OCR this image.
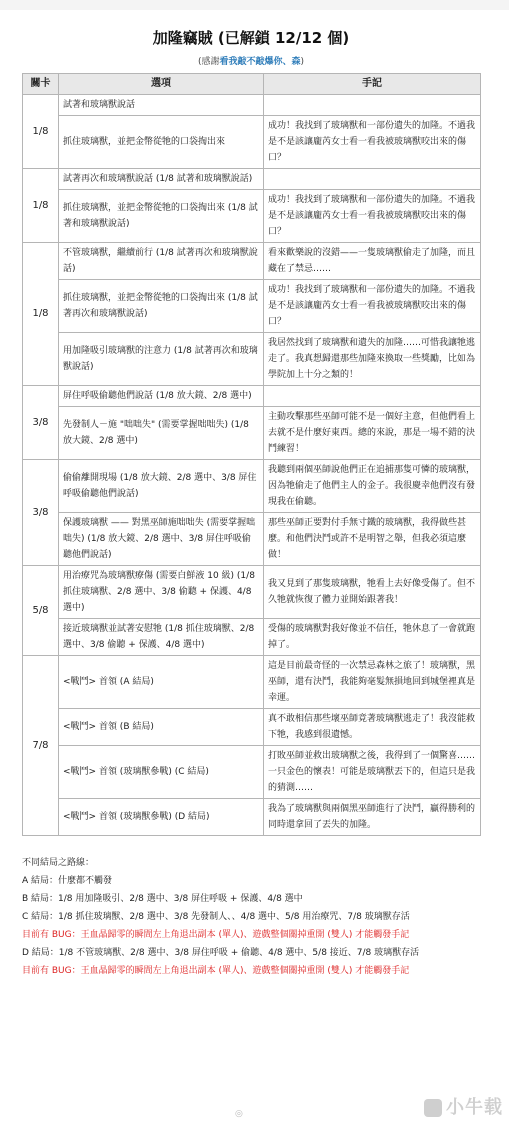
加隆竊賊 (已解鎖 12/12 個)
(感謝看我敲不敲爆你、森)
關卡	選項	手記
1/8	試著和玻璃獸說話	
	抓住玻璃獸，並把金幣從牠的口袋掏出來	成功！我找到了玻璃獸和一部份遺失的加隆。不過我是不是該讓龐芮女士看一看我被玻璃獸咬出來的傷口？
1/8	試著再次和玻璃獸說話 (1/8 試著和玻璃獸說話)	
	抓住玻璃獸，並把金幣從牠的口袋掏出來 (1/8 試著和玻璃獸說話)	成功！我找到了玻璃獸和一部份遺失的加隆。不過我是不是該讓龐芮女士看一看我被玻璃獸咬出來的傷口？
1/8	不管玻璃獸，繼續前行 (1/8 試著再次和玻璃獸說話)	看來歡樂說的沒錯——一隻玻璃獸偷走了加隆，而且藏在了禁忌……
	抓住玻璃獸，並把金幣從牠的口袋掏出來 (1/8 試著再次和玻璃獸說話)	成功！我找到了玻璃獸和一部份遺失的加隆。不過我是不是該讓龐芮女士看一看我被玻璃獸咬出來的傷口？
	用加隆吸引玻璃獸的注意力 (1/8 試著再次和玻璃獸說話)	我居然找到了玻璃獸和遺失的加隆……可惜我讓牠逃走了。我真想歸還那些加隆來換取一些獎勵，比如為學院加上十分之類的！
3/8	屏住呼吸偷聽他們說話 (1/8 放大鏡、2/8 選中)	
	先發制人－施 "咄咄失" (需要掌握咄咄失) (1/8 放大鏡、2/8 選中)	主動攻擊那些巫師可能不是一個好主意，但他們看上去就不是什麼好東西。總的來說，那是一場不錯的決鬥練習！
3/8	偷偷離開現場 (1/8 放大鏡、2/8 選中、3/8 屏住呼吸偷聽他們說話)	我聽到兩個巫師說他們正在追捕那隻可憐的玻璃獸，因為牠偷走了他們主人的金子。我很慶幸他們沒有發現我在偷聽。
	保護玻璃獸 —— 對黑巫師施咄咄失 (需要掌握咄咄失) (1/8 放大鏡、2/8 選中、3/8 屏住呼吸偷聽他們說話)	那些巫師正要對付手無寸鐵的玻璃獸，我得做些甚麼。和他們決鬥或許不是明智之舉，但我必須這麼做！
5/8	用治療咒為玻璃獸療傷 (需要白鮮液 10 級) (1/8 抓住玻璃獸、2/8 選中、3/8 偷聽 + 保護、4/8 選中)	我又見到了那隻玻璃獸，牠看上去好像受傷了。但不久牠就恢復了體力並開始跟著我！
	接近玻璃獸並試著安慰牠 (1/8 抓住玻璃獸、2/8 選中、3/8 偷聽 + 保護、4/8 選中)	受傷的玻璃獸對我好像並不信任，牠休息了一會就跑掉了。
7/8	<戰鬥> 首領 (A 結局)	這是目前最奇怪的一次禁忌森林之旅了！玻璃獸，黑巫師，還有決鬥，我能夠毫髮無損地回到城堡裡真是幸運。
	<戰鬥> 首領 (B 結局)	真不敢相信那些壞巫師竟著玻璃獸逃走了！我沒能救下牠，我感到很遺憾。
	<戰鬥> 首領 (玻璃獸參戰) (C 結局)	打敗巫師並救出玻璃獸之後，我得到了一個驚喜……一只金色的懷表！可能是玻璃獸丟下的，但這只是我的猜測……
	<戰鬥> 首領 (玻璃獸參戰) (D 結局)	我為了玻璃獸與兩個黑巫師進行了決鬥，贏得勝利的同時還拿回了丟失的加隆。
不同結局之路線：
A 結局：什麼都不觸發
B 結局：1/8 用加隆吸引、2/8 選中、3/8 屏住呼吸 + 保護、4/8 選中
C 結局：1/8 抓住玻璃獸、2/8 選中、3/8 先發制人、、4/8 選中、5/8 用治療咒、7/8 玻璃獸存活
目前有 BUG：王血晶歸零的瞬間左上角退出副本 (單人)、遊戲整個關掉重開 (雙人) 才能觸發手記
D 結局：1/8 不管玻璃獸、2/8 選中、3/8 屏住呼吸 + 偷聽、4/8 選中、5/8 接近、7/8 玻璃獸存活
目前有 BUG：王血晶歸零的瞬間左上角退出副本 (單人)、遊戲整個關掉重開 (雙人) 才能觸發手記
◎	小牛载
